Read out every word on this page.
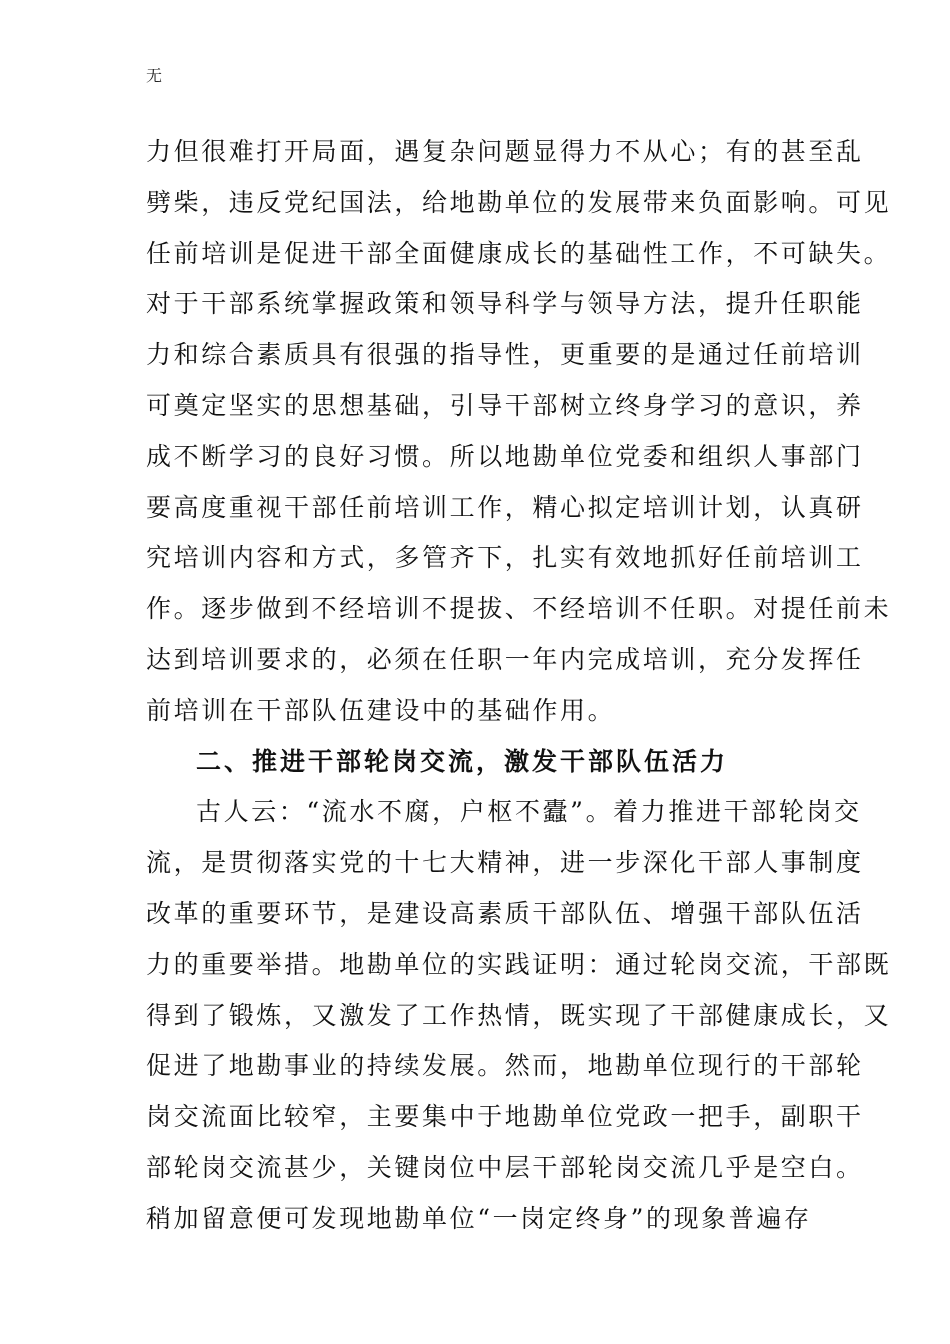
无
力但很难打开局面，遇复杂问题显得力不从心；有的甚至乱
劈柴，违反党纪国法，给地勘单位的发展带来负面影响。可见
任前培训是促进干部全面健康成长的基础性工作，不可缺失。
对于干部系统掌握政策和领导科学与领导方法，提升任职能
力和综合素质具有很强的指导性，更重要的是通过任前培训
可奠定坚实的思想基础，引导干部树立终身学习的意识，养
成不断学习的良好习惯。所以地勘单位党委和组织人事部门
要高度重视干部任前培训工作，精心拟定培训计划，认真研
究培训内容和方式，多管齐下，扎实有效地抓好任前培训工
作。逐步做到不经培训不提拔、不经培训不任职。对提任前未
达到培训要求的，必须在任职一年内完成培训，充分发挥任
前培训在干部队伍建设中的基础作用。
二、推进干部轮岗交流，激发干部队伍活力
古人云：“流水不腐，户枢不蠹”。着力推进干部轮岗交
流，是贯彻落实党的十七大精神，进一步深化干部人事制度
改革的重要环节，是建设高素质干部队伍、增强干部队伍活
力的重要举措。地勘单位的实践证明：通过轮岗交流，干部既
得到了锻炼，又激发了工作热情，既实现了干部健康成长，又
促进了地勘事业的持续发展。然而，地勘单位现行的干部轮
岗交流面比较窄，主要集中于地勘单位党政一把手，副职干
部轮岗交流甚少，关键岗位中层干部轮岗交流几乎是空白。
稍加留意便可发现地勘单位“一岗定终身”的现象普遍存
